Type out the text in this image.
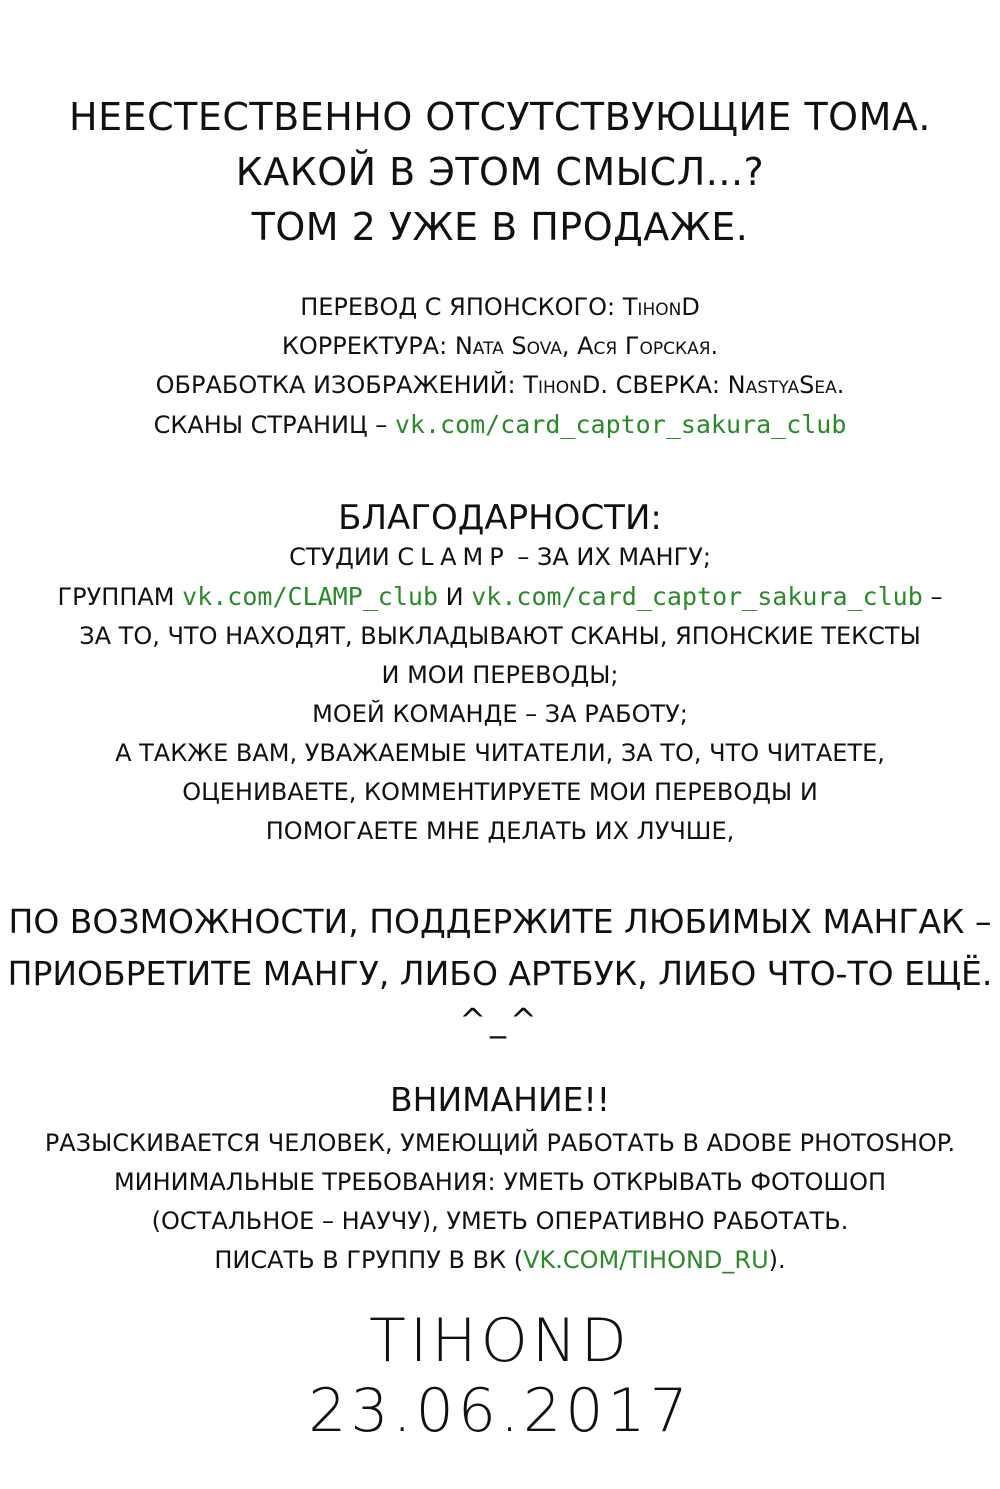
НЕЕСТЕСТВЕННО ОТСУТСТВУЮЩИЕ ТОМА.
КАКОЙ В ЭТОМ СМЫСЛ...?
ТОМ 2 УЖЕ В ПРОДАЖЕ.
ПЕРЕВОД С ЯПОНСКОГО: TihonD
КОРРЕКТУРА: Nata Sova, Ася Горская.
ОБРАБОТКА ИЗОБРАЖЕНИЙ: TihonD. СВЕРКА: NastyaSea.
СКАНЫ СТРАНИЦ – vk.com/card_captor_sakura_club
БЛАГОДАРНОСТИ:
СТУДИИ CLAMP – ЗА ИХ МАНГУ;
ГРУППАМ vk.com/CLAMP_club И vk.com/card_captor_sakura_club –
ЗА ТО, ЧТО НАХОДЯТ, ВЫКЛАДЫВАЮТ СКАНЫ, ЯПОНСКИЕ ТЕКСТЫ
И МОИ ПЕРЕВОДЫ;
МОЕЙ КОМАНДЕ – ЗА РАБОТУ;
А ТАКЖЕ ВАМ, УВАЖАЕМЫЕ ЧИТАТЕЛИ, ЗА ТО, ЧТО ЧИТАЕТЕ,
ОЦЕНИВАЕТЕ, КОММЕНТИРУЕТЕ МОИ ПЕРЕВОДЫ И
ПОМОГАЕТЕ МНЕ ДЕЛАТЬ ИХ ЛУЧШЕ,
ПО ВОЗМОЖНОСТИ, ПОДДЕРЖИТЕ ЛЮБИМЫХ МАНГАК –
ПРИОБРЕТИТЕ МАНГУ, ЛИБО АРТБУК, ЛИБО ЧТО-ТО ЕЩЁ.
^_^
ВНИМАНИЕ!!
РАЗЫСКИВАЕТСЯ ЧЕЛОВЕК, УМЕЮЩИЙ РАБОТАТЬ В ADOBE PHOTOSHOP.
МИНИМАЛЬНЫЕ ТРЕБОВАНИЯ: УМЕТЬ ОТКРЫВАТЬ ФОТОШОП
(ОСТАЛЬНОЕ – НАУЧУ), УМЕТЬ ОПЕРАТИВНО РАБОТАТЬ.
ПИСАТЬ В ГРУППУ В ВК (VK.COM/TIHOND_RU).
TIHOND
23.06.2017
